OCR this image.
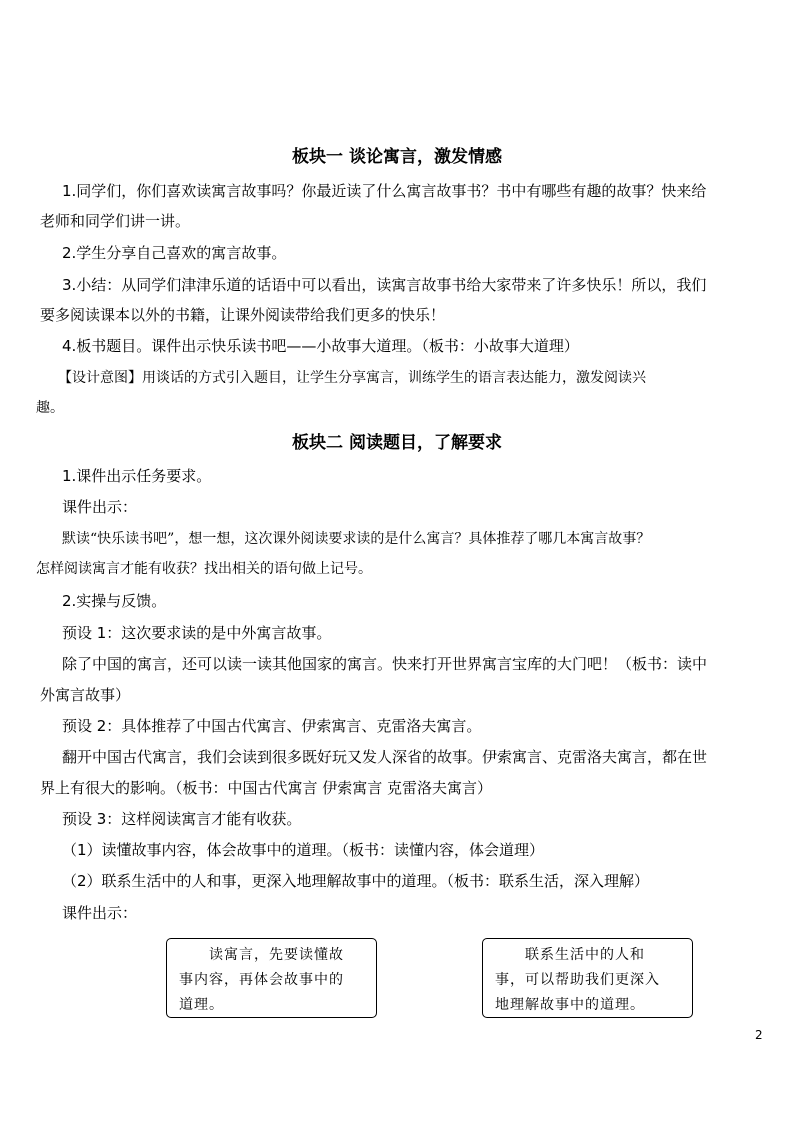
板块一 谈论寓言，激发情感
1.同学们，你们喜欢读寓言故事吗？你最近读了什么寓言故事书？书中有哪些有趣的故事？快来给
老师和同学们讲一讲。
2.学生分享自己喜欢的寓言故事。
3.小结：从同学们津津乐道的话语中可以看出，读寓言故事书给大家带来了许多快乐！所以，我们
要多阅读课本以外的书籍，让课外阅读带给我们更多的快乐！
4.板书题目。课件出示快乐读书吧——小故事大道理。（板书：小故事大道理）
【设计意图】用谈话的方式引入题目，让学生分享寓言，训练学生的语言表达能力，激发阅读兴
趣。
板块二 阅读题目，了解要求
1.课件出示任务要求。
课件出示：
默读“快乐读书吧”，想一想，这次课外阅读要求读的是什么寓言？具体推荐了哪几本寓言故事？
怎样阅读寓言才能有收获？找出相关的语句做上记号。
2.实操与反馈。
预设 1：这次要求读的是中外寓言故事。
除了中国的寓言，还可以读一读其他国家的寓言。快来打开世界寓言宝库的大门吧！（板书：读中
外寓言故事）
预设 2：具体推荐了中国古代寓言、伊索寓言、克雷洛夫寓言。
翻开中国古代寓言，我们会读到很多既好玩又发人深省的故事。伊索寓言、克雷洛夫寓言，都在世
界上有很大的影响。（板书：中国古代寓言 伊索寓言 克雷洛夫寓言）
预设 3：这样阅读寓言才能有收获。
（1）读懂故事内容，体会故事中的道理。（板书：读懂内容，体会道理）
（2）联系生活中的人和事，更深入地理解故事中的道理。（板书：联系生活，深入理解）
课件出示：
　　读寓言，先要读懂故
事内容，再体会故事中的
道理。
　　联系生活中的人和
事，可以帮助我们更深入
地理解故事中的道理。
2
